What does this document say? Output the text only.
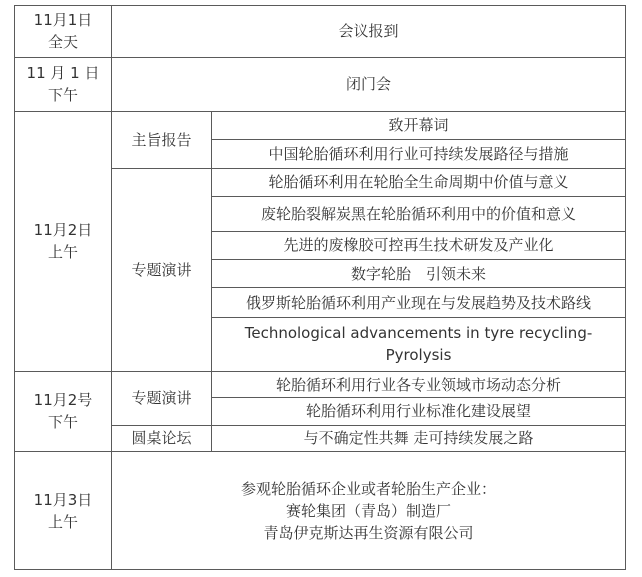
11月1日
全天	会议报到	

11 月 1 日
下午	闭门会	

11月2日
上午	主旨报告	致开幕词
		中国轮胎循环利用行业可持续发展路径与措施
	专题演讲	轮胎循环利用在轮胎全生命周期中价值与意义
		废轮胎裂解炭黑在轮胎循环利用中的价值和意义
		先进的废橡胶可控再生技术研发及产业化
		数字轮胎　引领未来
		俄罗斯轮胎循环利用产业现在与发展趋势及技术路线
		Technological advancements in tyre recycling-Pyrolysis

11月2号
下午	专题演讲	轮胎循环利用行业各专业领域市场动态分析
		轮胎循环利用行业标准化建设展望
	圆桌论坛	与不确定性共舞 走可持续发展之路

11月3日
上午	参观轮胎循环企业或者轮胎生产企业：
赛轮集团（青岛）制造厂
青岛伊克斯达再生资源有限公司	
